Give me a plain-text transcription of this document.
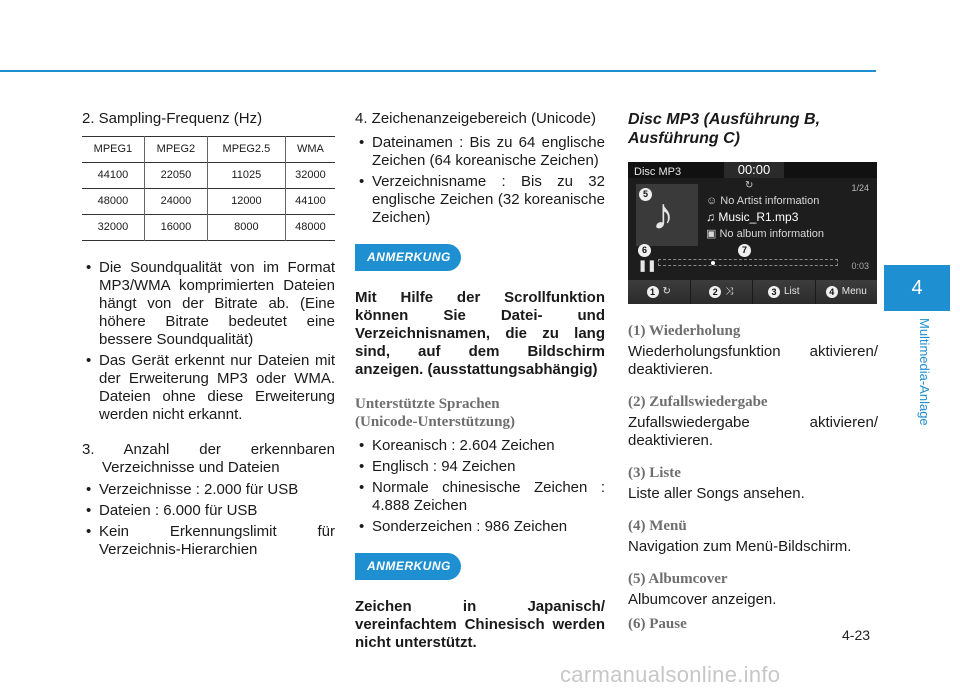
2. Sampling-Frequenz (Hz)

MPEG1	MPEG2	MPEG2.5	WMA
44100	22050	11025	32000
48000	24000	12000	44100
32000	16000	8000	48000
• Die Soundqualität von im Format
MP3/WMA komprimierten Dateien
hängt von der Bitrate ab. (Eine
höhere Bitrate bedeutet eine
bessere Soundqualität)
• Das Gerät erkennt nur Dateien mit
der Erweiterung MP3 oder WMA.
Dateien ohne diese Erweiterung
werden nicht erkannt.
3. Anzahl der erkennbaren
Verzeichnisse und Dateien
• Verzeichnisse : 2.000 für USB
• Dateien : 6.000 für USB
• Kein Erkennungslimit für
Verzeichnis-Hierarchien

4. Zeichenanzeigebereich (Unicode)

• Dateinamen : Bis zu 64 englische
Zeichen (64 koreanische Zeichen)
• Verzeichnisname : Bis zu 32
englische Zeichen (32 koreanische
Zeichen)
ANMERKUNG
Mit Hilfe der Scrollfunktion
können Sie Datei- und
Verzeichnisnamen, die zu lang
sind, auf dem Bildschirm
anzeigen. (ausstattungsabhängig)
Unterstützte Sprachen
(Unicode-Unterstützung)
• Koreanisch : 2.604 Zeichen
• Englisch : 94 Zeichen
• Normale chinesische Zeichen :
4.888 Zeichen
• Sonderzeichen : 986 Zeichen
ANMERKUNG
Zeichen in Japanisch/
vereinfachtem Chinesisch werden
nicht unterstützt.
Disc MP3 (Ausführung B,
Ausführung C)
Disc MP3	00:00
↻	1/24
♪	☺ No Artist information
♫ Music_R1.mp3
▣ No album information
5
6	7
❚❚	0:03
1 ↻	2 ⤨	3 List	4 Menu
(1) Wiederholung
Wiederholungsfunktion aktivieren/
deaktivieren.
(2) Zufallswiedergabe
Zufallswiedergabe aktivieren/
deaktivieren.
(3) Liste
Liste aller Songs ansehen.
(4) Menü
Navigation zum Menü-Bildschirm.
(5) Albumcover
Albumcover anzeigen.
(6) Pause
4
Multimedia-Anlage
4-23
carmanualsonline.info
